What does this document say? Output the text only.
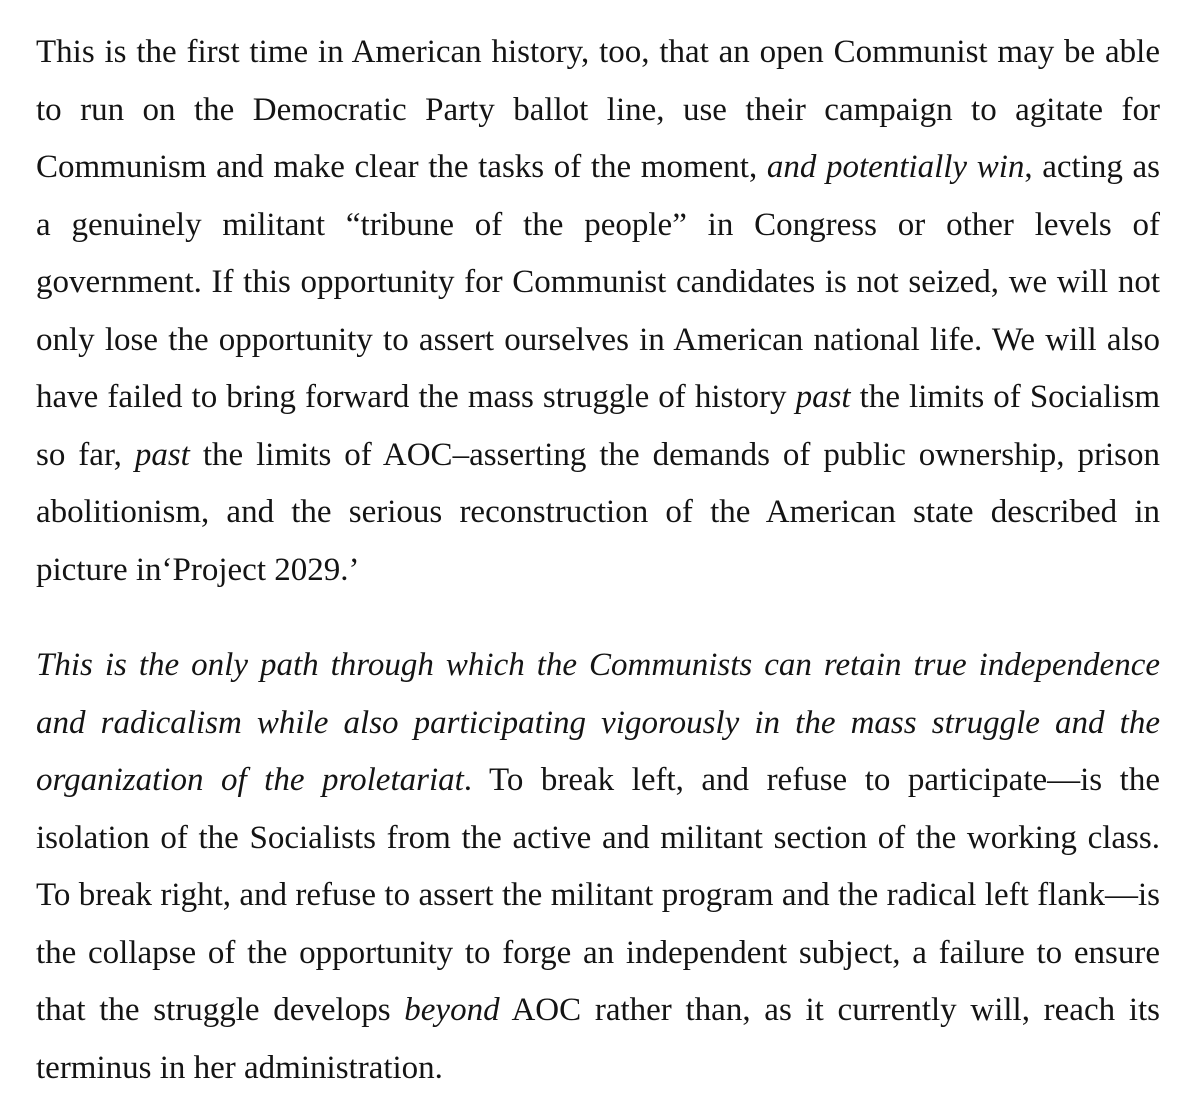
This is the first time in American history, too, that an open Communist may be able to run on the Democratic Party ballot line, use their campaign to agitate for Communism and make clear the tasks of the moment, and potentially win, acting as a genuinely militant “tribune of the people” in Congress or other levels of government. If this opportunity for Communist candidates is not seized, we will not only lose the opportunity to assert ourselves in American national life. We will also have failed to bring forward the mass struggle of history past the limits of Socialism so far, past the limits of AOC–asserting the demands of public ownership, prison abolitionism, and the serious reconstruction of the American state described in picture in‘Project 2029.’

This is the only path through which the Communists can retain true independence and radicalism while also participating vigorously in the mass struggle and the organization of the proletariat. To break left, and refuse to participate—is the isolation of the Socialists from the active and militant section of the working class. To break right, and refuse to assert the militant program and the radical left flank—is the collapse of the opportunity to forge an independent subject, a failure to ensure that the struggle develops beyond AOC rather than, as it currently will, reach its terminus in her administration.
